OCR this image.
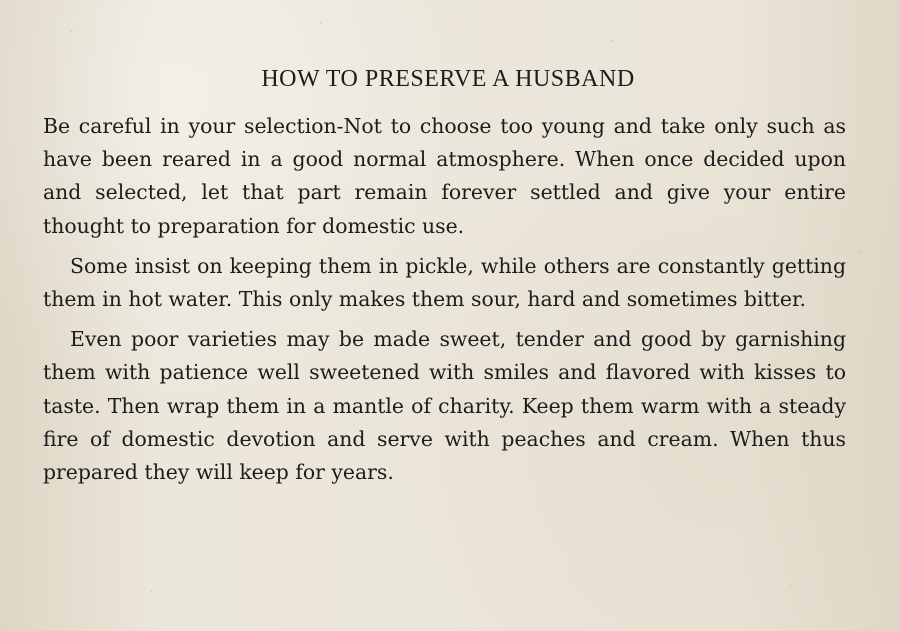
HOW TO PRESERVE A HUSBAND

Be careful in your selection-Not to choose too young and take only such as have been reared in a good normal atmosphere. When once decided upon and selected, let that part remain forever settled and give your entire thought to preparation for domestic use.

Some insist on keeping them in pickle, while others are constantly getting them in hot water. This only makes them sour, hard and sometimes bitter.

Even poor varieties may be made sweet, tender and good by garnishing them with patience well sweetened with smiles and flavored with kisses to taste. Then wrap them in a mantle of charity. Keep them warm with a steady fire of domestic devotion and serve with peaches and cream. When thus prepared they will keep for years.
